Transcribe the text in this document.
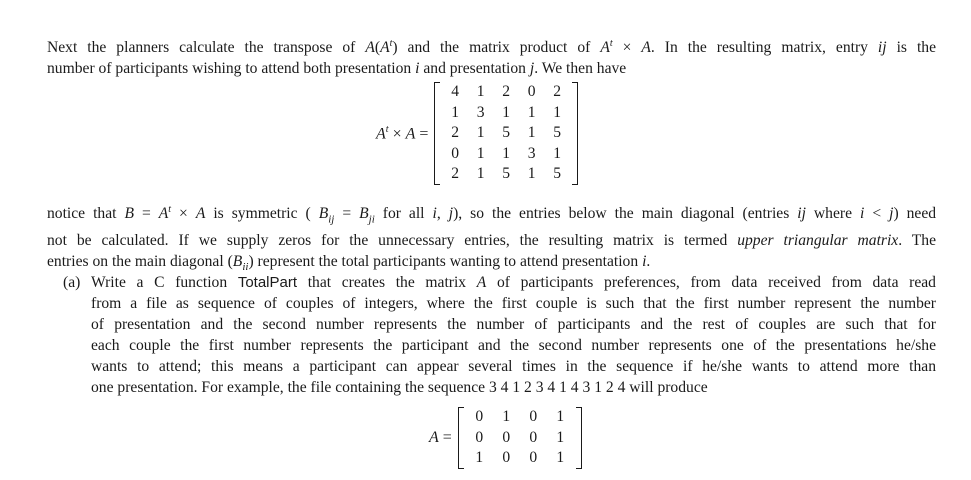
Next the planners calculate the transpose of $A(A^t)$ and the matrix product of $A^t \times A$. In the resulting matrix, entry ij is the
number of participants wishing to attend both presentation i and presentation j. We then have
$A^t \times A$ =
4	1	2	0	2
1	3	1	1	1
2	1	5	1	5
0	1	1	3	1
2	1	5	1	5
notice that $B = A^t \times A$ is symmetric ( $B_{ij} = B_{ji}$ for all i, j), so the entries below the main diagonal (entries ij where i < j) need
not be calculated. If we supply zeros for the unnecessary entries, the resulting matrix is termed upper triangular matrix. The
entries on the main diagonal $(B_{ii})$ represent the total participants wanting to attend presentation i.
(a) Write a C function TotalPart that creates the matrix A of participants preferences, from data received from data read
from a file as sequence of couples of integers, where the first couple is such that the first number represent the number
of presentation and the second number represents the number of participants and the rest of couples are such that for
each couple the first number represents the participant and the second number represents one of the presentations he/she
wants to attend; this means a participant can appear several times in the sequence if he/she wants to attend more than
one presentation. For example, the file containing the sequence 3 4 1 2 3 4 1 4 3 1 2 4 will produce
A =
0	1	0	1
0	0	0	1
1	0	0	1
